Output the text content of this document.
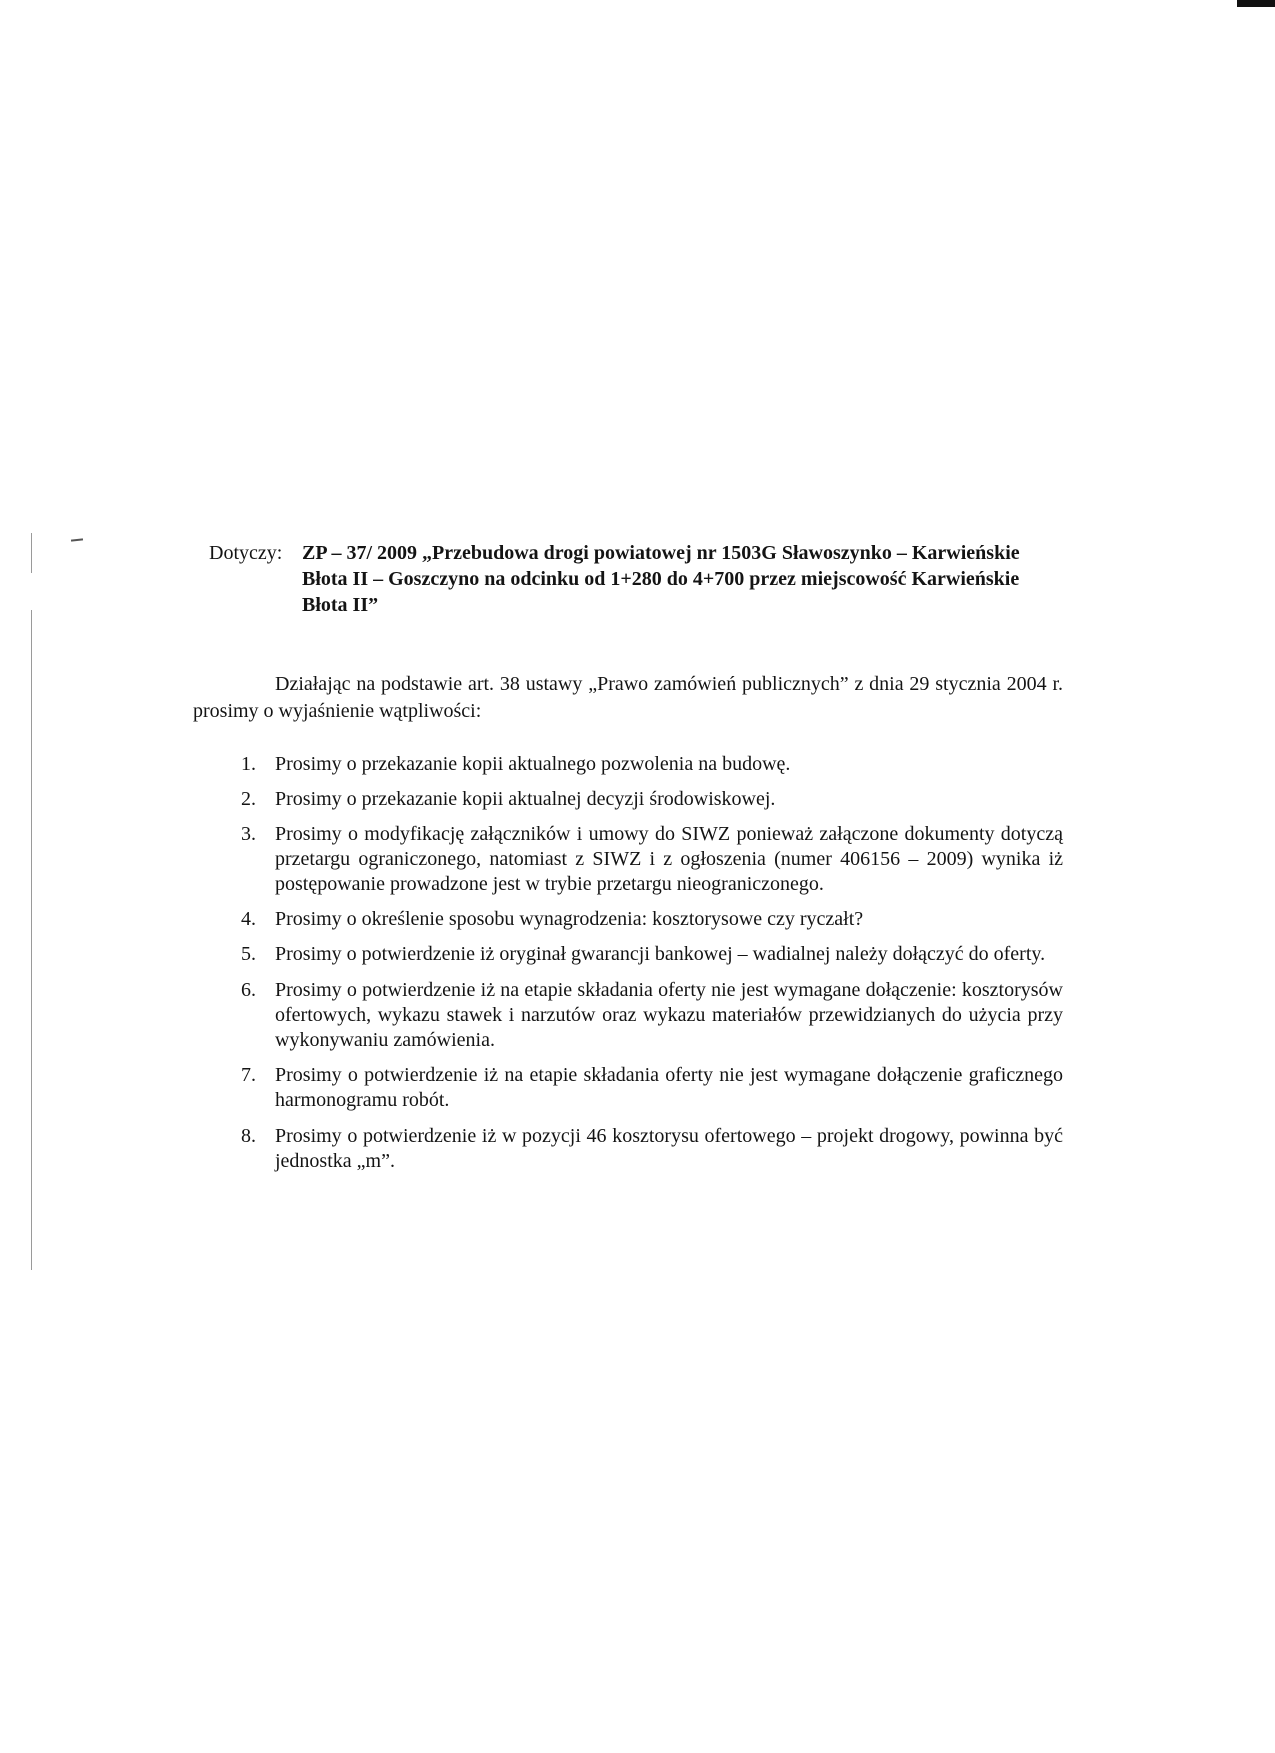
Dotyczy: ZP – 37/ 2009 „Przebudowa drogi powiatowej nr 1503G Sławoszynko – Karwieńskie Błota II – Goszczyno na odcinku od 1+280 do 4+700 przez miejscowość Karwieńskie Błota II”

Działając na podstawie art. 38 ustawy „Prawo zamówień publicznych” z dnia 29 stycznia 2004 r. prosimy o wyjaśnienie wątpliwości:

1. Prosimy o przekazanie kopii aktualnego pozwolenia na budowę.
2. Prosimy o przekazanie kopii aktualnej decyzji środowiskowej.
3. Prosimy o modyfikację załączników i umowy do SIWZ ponieważ załączone dokumenty dotyczą przetargu ograniczonego, natomiast z SIWZ i z ogłoszenia (numer 406156 – 2009) wynika iż postępowanie prowadzone jest w trybie przetargu nieograniczonego.
4. Prosimy o określenie sposobu wynagrodzenia: kosztorysowe czy ryczałt?
5. Prosimy o potwierdzenie iż oryginał gwarancji bankowej – wadialnej należy dołączyć do oferty.
6. Prosimy o potwierdzenie iż na etapie składania oferty nie jest wymagane dołączenie: kosztorysów ofertowych, wykazu stawek i narzutów oraz wykazu materiałów przewidzianych do użycia przy wykonywaniu zamówienia.
7. Prosimy o potwierdzenie iż na etapie składania oferty nie jest wymagane dołączenie graficznego harmonogramu robót.
8. Prosimy o potwierdzenie iż w pozycji 46 kosztorysu ofertowego – projekt drogowy, powinna być jednostka „m”.
